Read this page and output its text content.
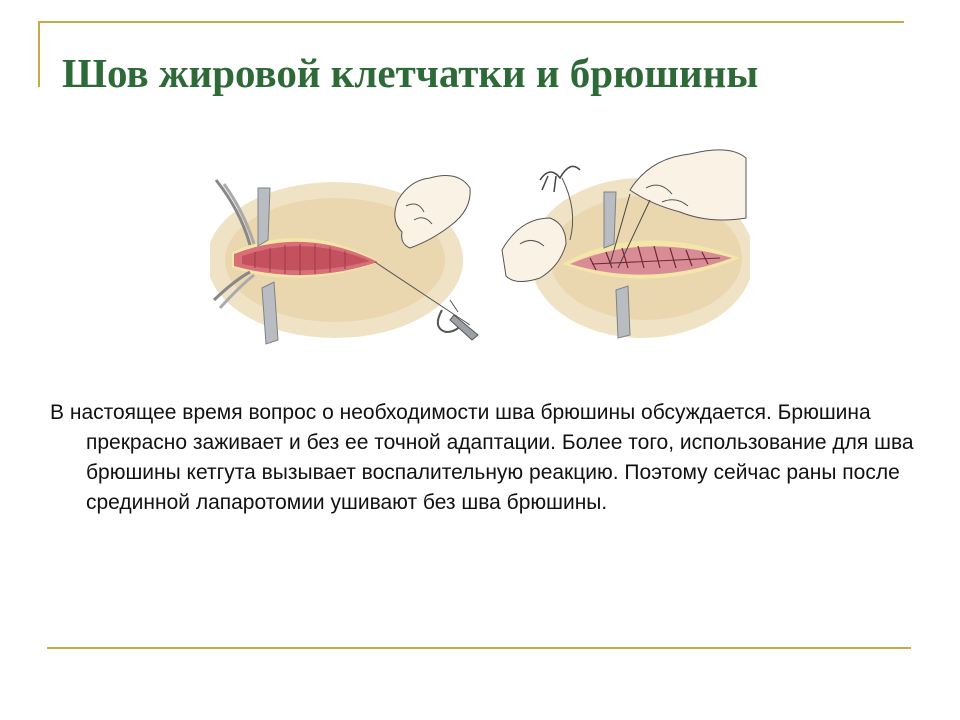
Шов жировой клетчатки и брюшины

В настоящее время вопрос о необходимости шва брюшины обсуждается. Брюшина прекрасно заживает и без ее точной адаптации. Более того, использование для шва брюшины кетгута вызывает воспалительную реакцию. Поэтому сейчас раны после срединной лапаротомии ушивают без шва брюшины.
